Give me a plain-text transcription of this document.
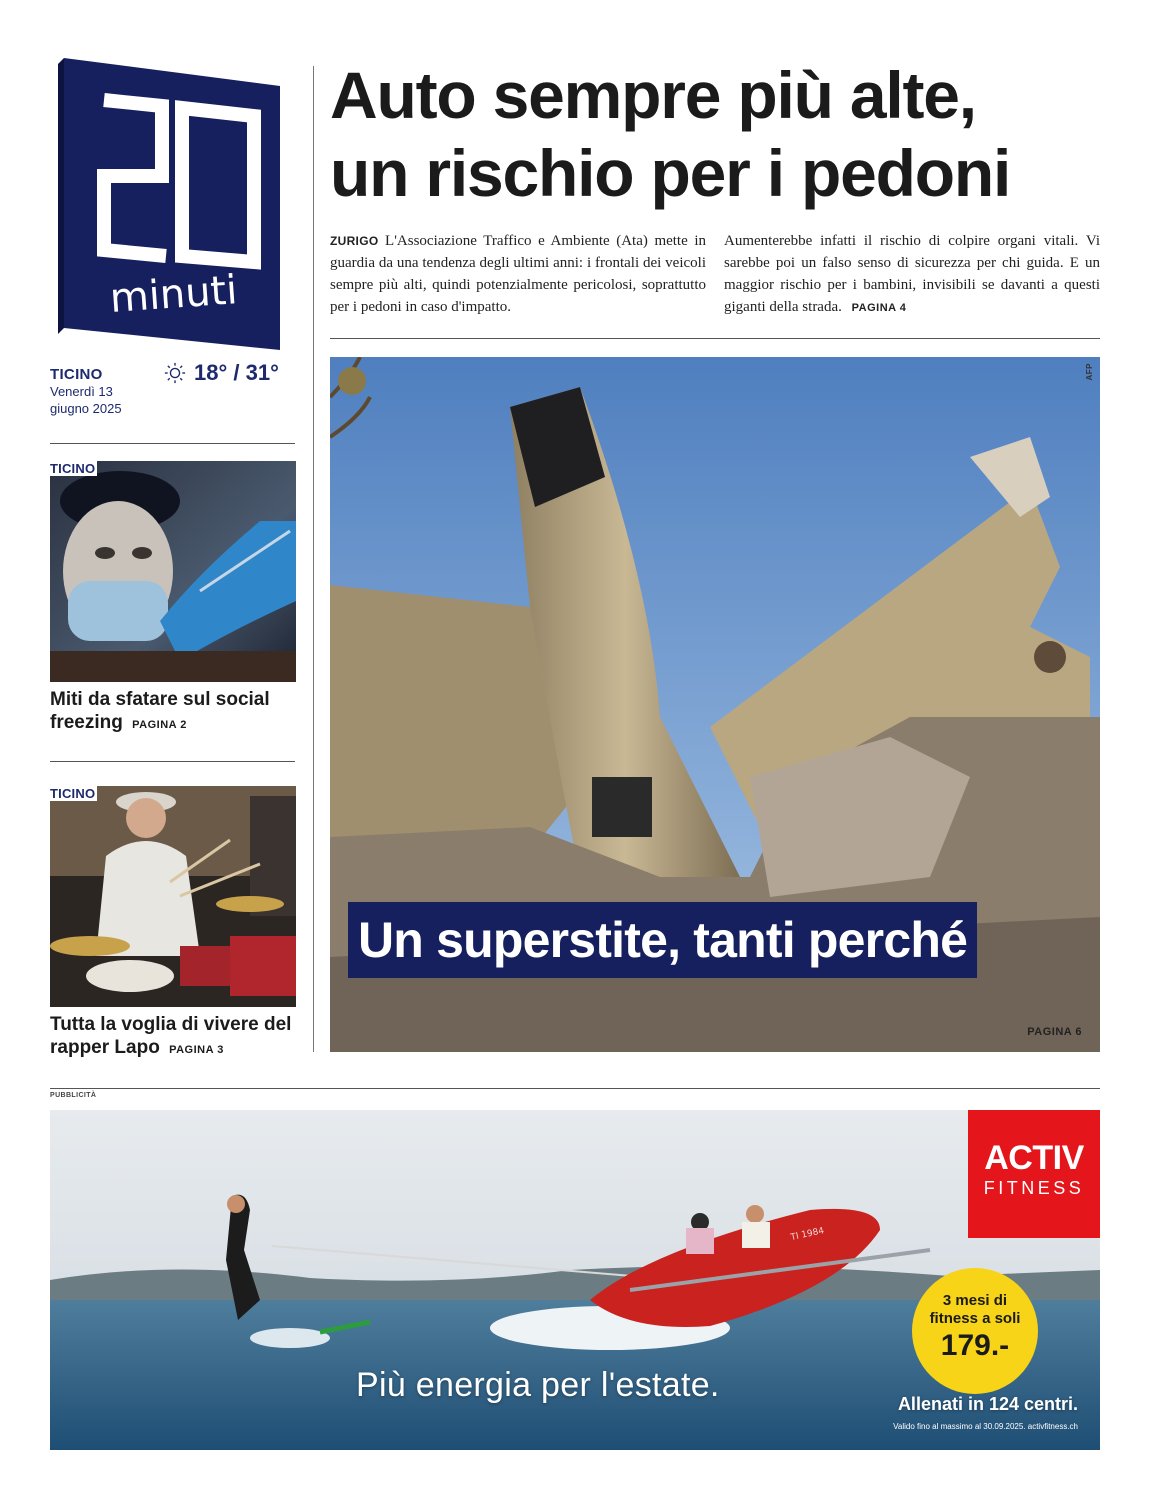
minuti
TICINO
Venerdì 13
giugno 2025
18° / 31°
Auto sempre più alte,
un rischio per i pedoni

ZURIGO L'Associazione Traffico e Ambiente (Ata) mette in guardia da una tendenza degli ultimi anni: i frontali dei veicoli sempre più alti, quindi potenzialmente pericolosi, soprattutto per i pedoni in caso d'impatto.

Aumenterebbe infatti il rischio di colpire organi vitali. Vi sarebbe poi un falso senso di sicurezza per chi guida. E un maggior rischio per i bambini, invisibili se davanti a questi giganti della strada. PAGINA 4

TICINO
Miti da sfatare sul social freezing PAGINA 2
TICINO
Tutta la voglia di vivere del rapper Lapo PAGINA 3
AFP
Un superstite, tanti perché
PAGINA 6
PUBBLICITÀ
TI 1984
ACTIV
FITNESS
3 mesi di
fitness a soli
179.-
Più energia per l'estate.	Allenati in 124 centri.
Valido fino al massimo al 30.09.2025. activfitness.ch
